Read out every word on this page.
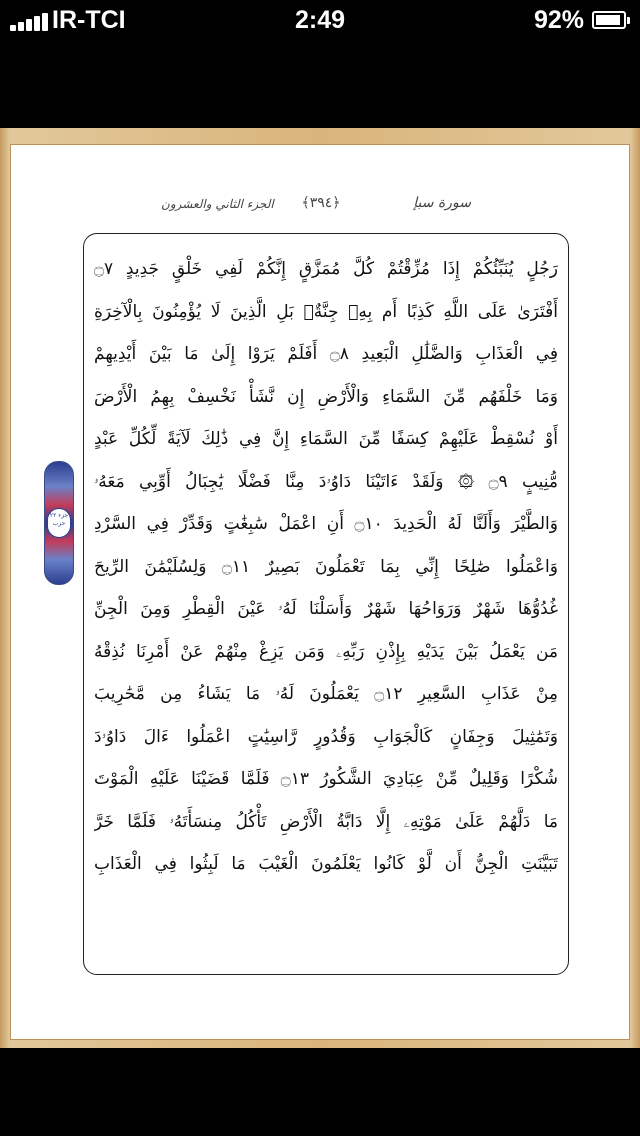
IR-TCI	2:49	92%
الجزء الثاني والعشرون	﴾٣٩٤﴿	سورة سبإ
جزء ۲۲ حزب
رَجُلٍ يُنَبِّئُكُمْ إِذَا مُزِّقْتُمْ كُلَّ مُمَزَّقٍ إِنَّكُمْ لَفِي خَلْقٍ جَدِيدٍ ۝٧
أَفْتَرَىٰ عَلَى اللَّهِ كَذِبًا أَم بِهِۦ جِنَّةٌۢ بَلِ الَّذِينَ لَا يُؤْمِنُونَ بِالْآخِرَةِ
فِي الْعَذَابِ وَالضَّلَٰلِ الْبَعِيدِ ۝٨ أَفَلَمْ يَرَوْا إِلَىٰ مَا بَيْنَ أَيْدِيهِمْ
وَمَا خَلْفَهُم مِّنَ السَّمَاءِ وَالْأَرْضِ إِن نَّشَأْ نَخْسِفْ بِهِمُ الْأَرْضَ
أَوْ نُسْقِطْ عَلَيْهِمْ كِسَفًا مِّنَ السَّمَاءِ إِنَّ فِي ذَٰلِكَ لَآيَةً لِّكُلِّ عَبْدٍ
مُّنِيبٍ ۝٩ ۞ وَلَقَدْ ءَاتَيْنَا دَاوُۥدَ مِنَّا فَضْلًا يَٰجِبَالُ أَوِّبِي مَعَهُۥ
وَالطَّيْرَ وَأَلَنَّا لَهُ الْحَدِيدَ ۝١٠ أَنِ اعْمَلْ سَٰبِغَٰتٍ وَقَدِّرْ فِي السَّرْدِ
وَاعْمَلُوا صَٰلِحًا إِنِّي بِمَا تَعْمَلُونَ بَصِيرٌ ۝١١ وَلِسُلَيْمَٰنَ الرِّيحَ
غُدُوُّهَا شَهْرٌ وَرَوَاحُهَا شَهْرٌ وَأَسَلْنَا لَهُۥ عَيْنَ الْقِطْرِ وَمِنَ الْجِنِّ
مَن يَعْمَلُ بَيْنَ يَدَيْهِ بِإِذْنِ رَبِّهِۦ وَمَن يَزِغْ مِنْهُمْ عَنْ أَمْرِنَا نُذِقْهُ
مِنْ عَذَابِ السَّعِيرِ ۝١٢ يَعْمَلُونَ لَهُۥ مَا يَشَاءُ مِن مَّحَٰرِيبَ
وَتَمَٰثِيلَ وَجِفَانٍ كَالْجَوَابِ وَقُدُورٍ رَّاسِيَٰتٍ اعْمَلُوا ءَالَ دَاوُۥدَ
شُكْرًا وَقَلِيلٌ مِّنْ عِبَادِيَ الشَّكُورُ ۝١٣ فَلَمَّا قَضَيْنَا عَلَيْهِ الْمَوْتَ
مَا دَلَّهُمْ عَلَىٰ مَوْتِهِۦ إِلَّا دَابَّةُ الْأَرْضِ تَأْكُلُ مِنسَأَتَهُۥ فَلَمَّا خَرَّ
تَبَيَّنَتِ الْجِنُّ أَن لَّوْ كَانُوا يَعْلَمُونَ الْغَيْبَ مَا لَبِثُوا فِي الْعَذَابِ
